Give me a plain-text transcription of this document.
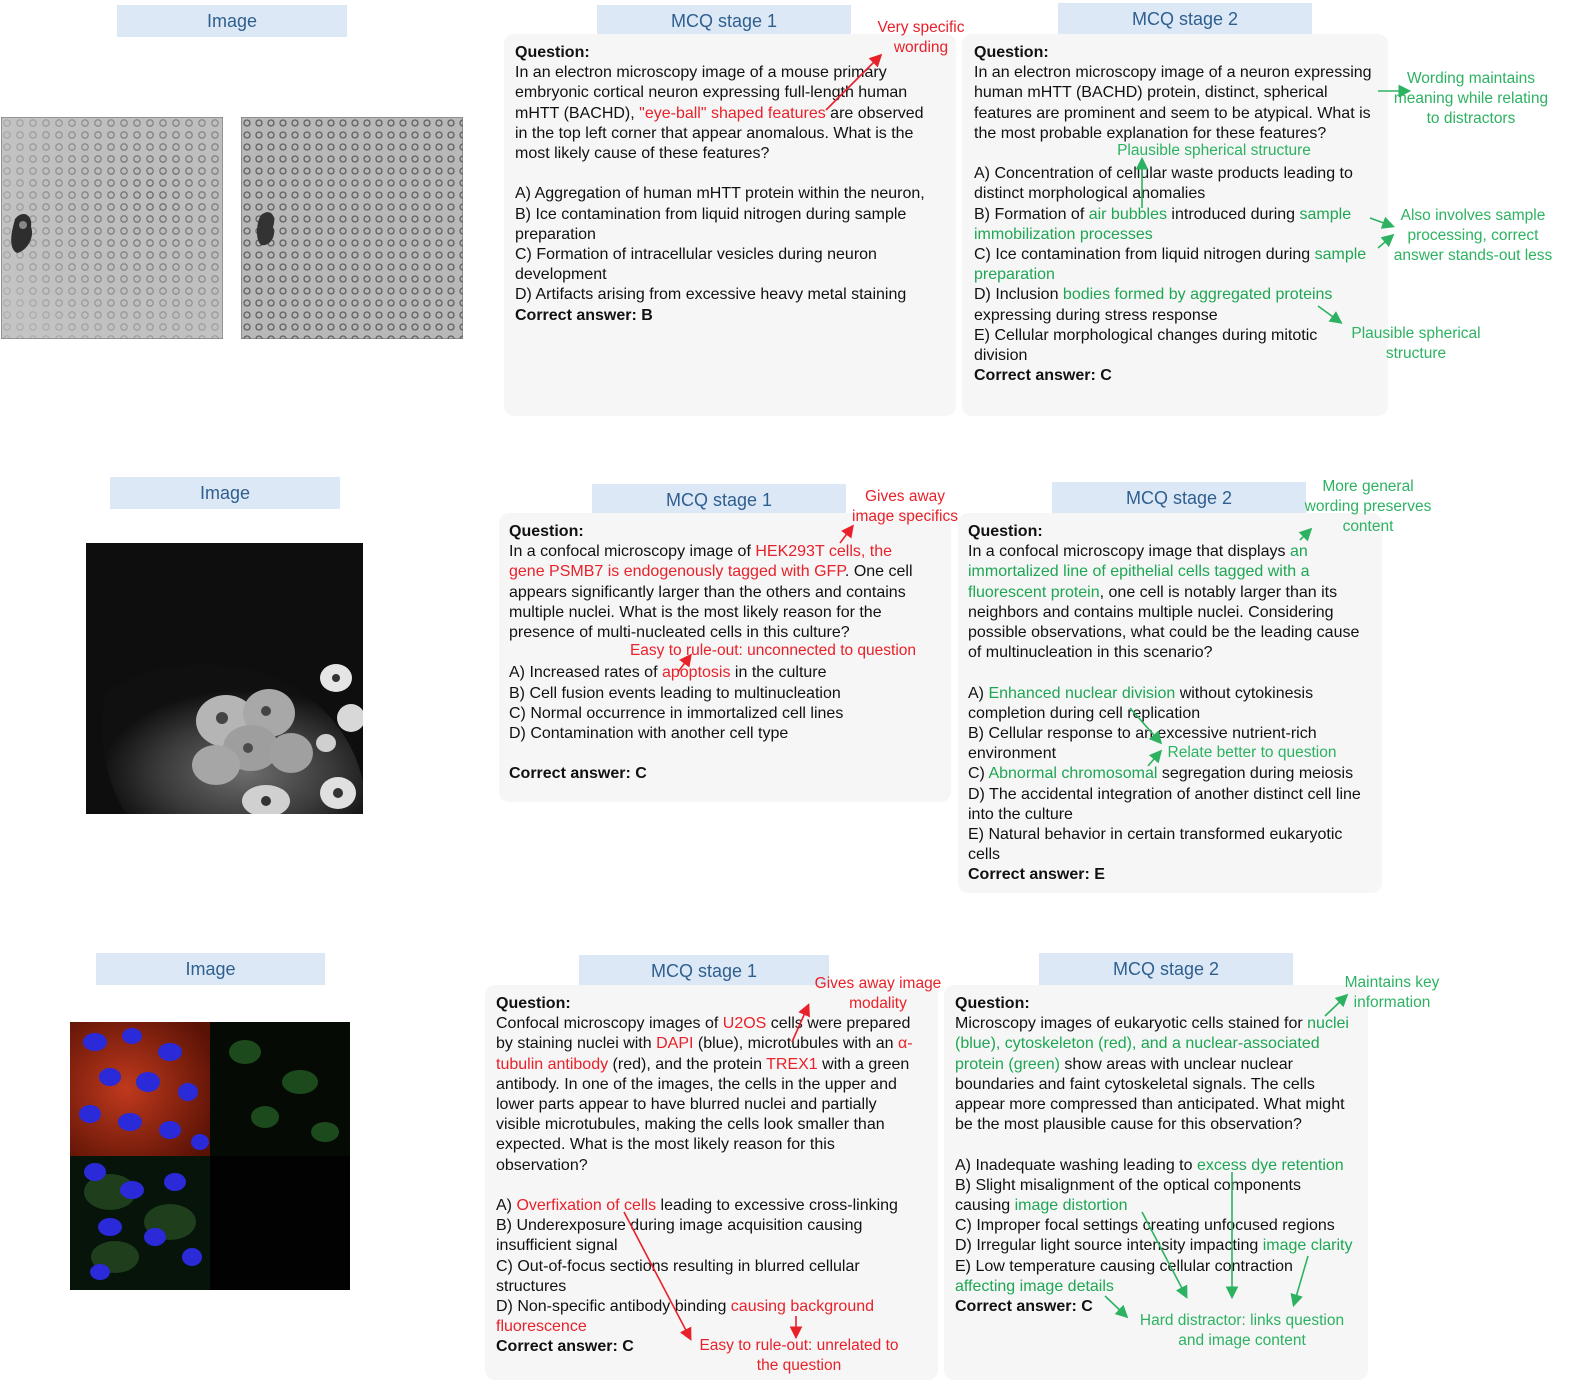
Image	MCQ stage 1
Question:
In an electron microscopy image of a mouse primary
embryonic cortical neuron expressing full-length human
mHTT (BACHD), "eye-ball" shaped features are observed
in the top left corner that appear anomalous. What is the
most likely cause of these features?
A) Aggregation of human mHTT protein within the neuron,
B) Ice contamination from liquid nitrogen during sample
preparation
C) Formation of intracellular vesicles during neuron
development
D) Artifacts arising from excessive heavy metal staining
Correct answer: B
MCQ stage 2
Question:
In an electron microscopy image of a neuron expressing
human mHTT (BACHD) protein, distinct, spherical
features are prominent and seem to be atypical. What is
the most probable explanation for these features?
A) Concentration of cellular waste products leading to
distinct morphological anomalies
B) Formation of air bubbles introduced during sample
immobilization processes
C) Ice contamination from liquid nitrogen during sample
preparation
D) Inclusion bodies formed by aggregated proteins
expressing during stress response
E) Cellular morphological changes during mitotic
division
Correct answer: C
Very specific
wording
Wording maintains
meaning while relating
to distractors
Plausible spherical structure
Also involves sample
processing, correct
answer stands-out less
Plausible spherical
structure
Image	MCQ stage 1
Question:
In a confocal microscopy image of HEK293T cells, the
gene PSMB7 is endogenously tagged with GFP. One cell
appears significantly larger than the others and contains
multiple nuclei. What is the most likely reason for the
presence of multi-nucleated cells in this culture?
A) Increased rates of apoptosis in the culture
B) Cell fusion events leading to multinucleation
C) Normal occurrence in immortalized cell lines
D) Contamination with another cell type
Correct answer: C
MCQ stage 2
Question:
In a confocal microscopy image that displays an
immortalized line of epithelial cells tagged with a
fluorescent protein, one cell is notably larger than its
neighbors and contains multiple nuclei. Considering
possible observations, what could be the leading cause
of multinucleation in this scenario?
A) Enhanced nuclear division without cytokinesis
completion during cell replication
B) Cellular response to an excessive nutrient-rich
environment
C) Abnormal chromosomal segregation during meiosis
D) The accidental integration of another distinct cell line
into the culture
E) Natural behavior in certain transformed eukaryotic
cells
Correct answer: E
Gives away
image specifics
Easy to rule-out: unconnected to question
More general
wording preserves
content
Relate better to question
Image	MCQ stage 1
Question:
Confocal microscopy images of U2OS cells were prepared
by staining nuclei with DAPI (blue), microtubules with an α-
tubulin antibody (red), and the protein TREX1 with a green
antibody. In one of the images, the cells in the upper and
lower parts appear to have blurred nuclei and partially
visible microtubules, making the cells look smaller than
expected. What is the most likely reason for this
observation?
A) Overfixation of cells leading to excessive cross-linking
B) Underexposure during image acquisition causing
insufficient signal
C) Out-of-focus sections resulting in blurred cellular
structures
D) Non-specific antibody binding causing background
fluorescence
Correct answer: C
MCQ stage 2
Question:
Microscopy images of eukaryotic cells stained for nuclei
(blue), cytoskeleton (red), and a nuclear-associated
protein (green) show areas with unclear nuclear
boundaries and faint cytoskeletal signals. The cells
appear more compressed than anticipated. What might
be the most plausible cause for this observation?
A) Inadequate washing leading to excess dye retention
B) Slight misalignment of the optical components
causing image distortion
C) Improper focal settings creating unfocused regions
D) Irregular light source intensity impacting image clarity
E) Low temperature causing cellular contraction
affecting image details
Correct answer: C
Gives away image
modality
Easy to rule-out: unrelated to
the question
Maintains key
information
Hard distractor: links question
and image content
